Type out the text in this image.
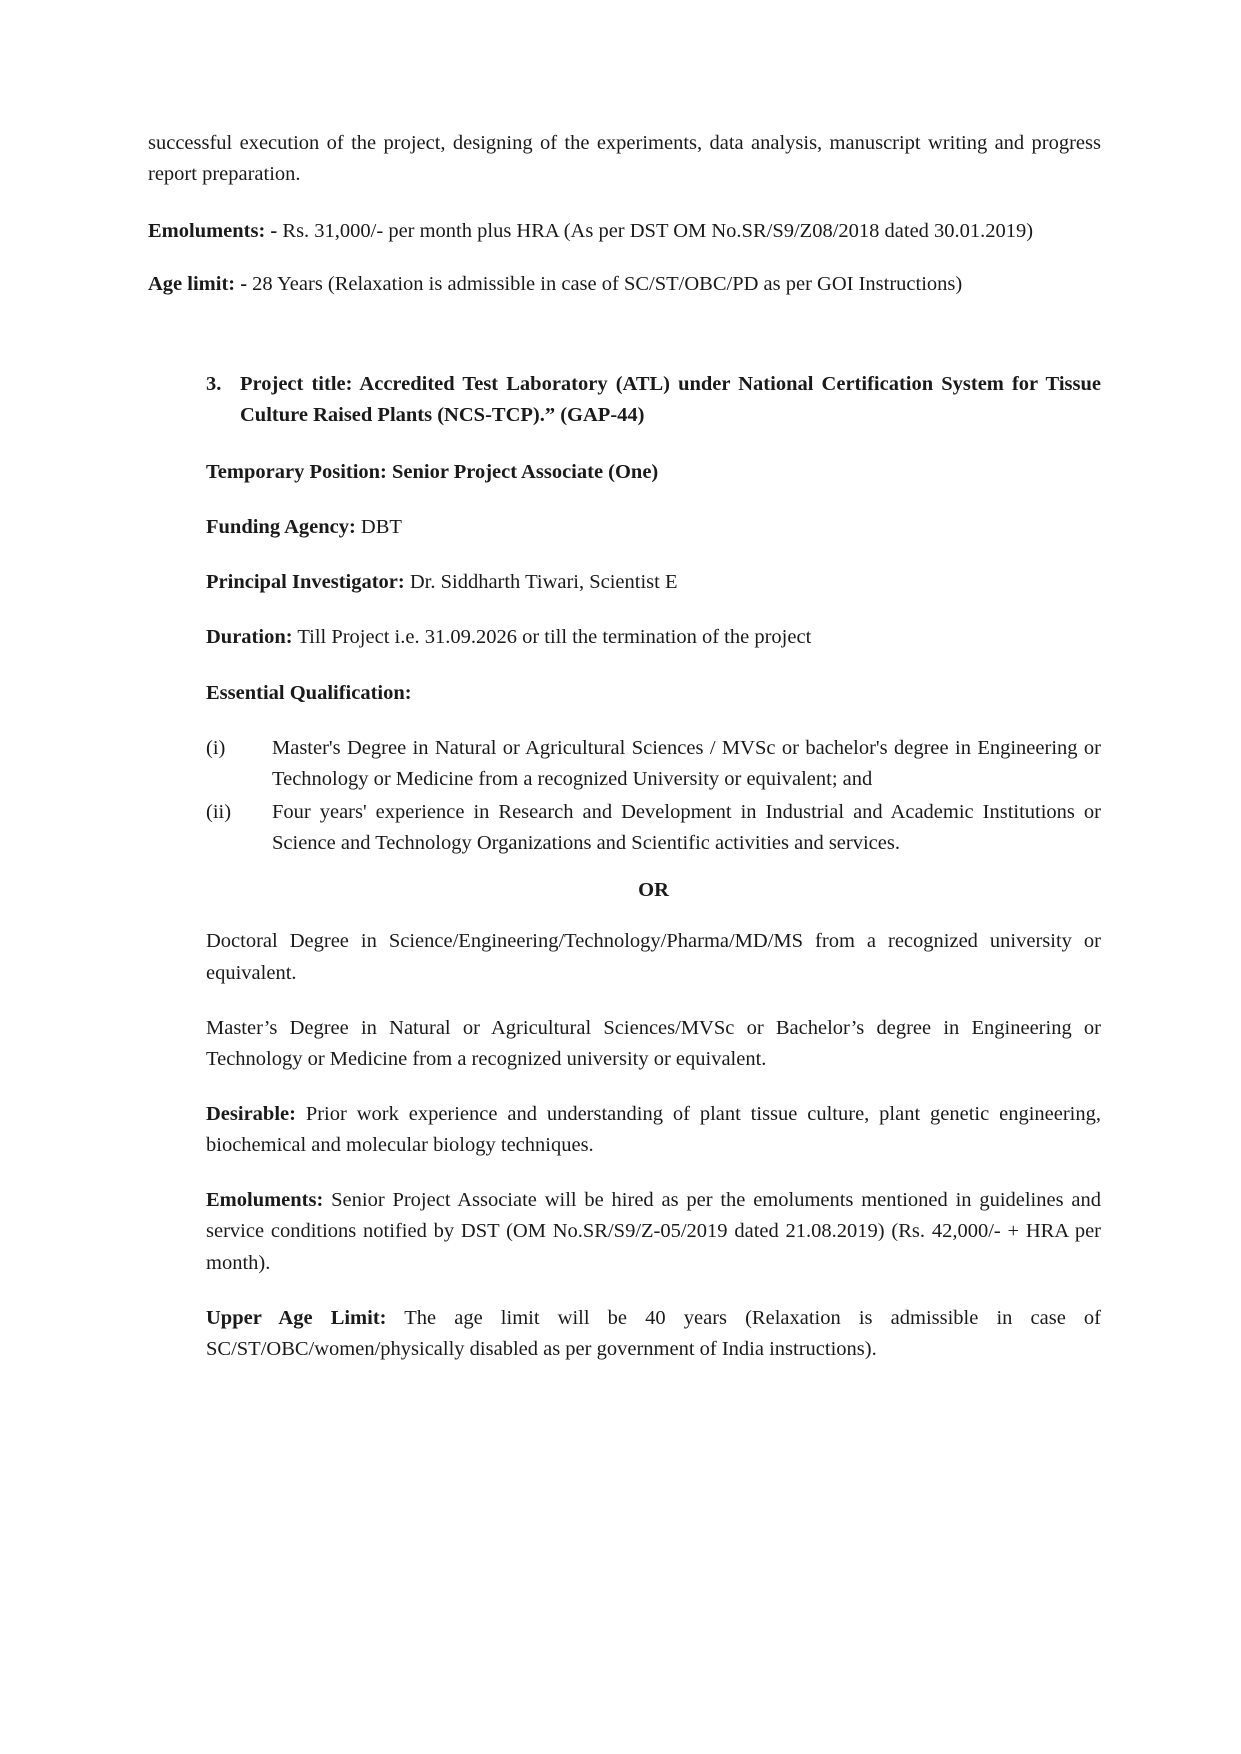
successful execution of the project, designing of the experiments, data analysis, manuscript writing and progress report preparation.

Emoluments: - Rs. 31,000/- per month plus HRA (As per DST OM No.SR/S9/Z08/2018 dated 30.01.2019)

Age limit: - 28 Years (Relaxation is admissible in case of SC/ST/OBC/PD as per GOI Instructions)

3. Project title: Accredited Test Laboratory (ATL) under National Certification System for Tissue Culture Raised Plants (NCS-TCP).” (GAP-44)

Temporary Position: Senior Project Associate (One)

Funding Agency: DBT

Principal Investigator: Dr. Siddharth Tiwari, Scientist E

Duration: Till Project i.e. 31.09.2026 or till the termination of the project

Essential Qualification:

(i)	Master's Degree in Natural or Agricultural Sciences / MVSc or bachelor's degree in Engineering or Technology or Medicine from a recognized University or equivalent; and
(ii)	Four years' experience in Research and Development in Industrial and Academic Institutions or Science and Technology Organizations and Scientific activities and services.
OR

Doctoral Degree in Science/Engineering/Technology/Pharma/MD/MS from a recognized university or equivalent.

Master’s Degree in Natural or Agricultural Sciences/MVSc or Bachelor’s degree in Engineering or Technology or Medicine from a recognized university or equivalent.

Desirable: Prior work experience and understanding of plant tissue culture, plant genetic engineering, biochemical and molecular biology techniques.

Emoluments: Senior Project Associate will be hired as per the emoluments mentioned in guidelines and service conditions notified by DST (OM No.SR/S9/Z-05/2019 dated 21.08.2019) (Rs. 42,000/- + HRA per month).

Upper Age Limit: The age limit will be 40 years (Relaxation is admissible in case of SC/ST/OBC/women/physically disabled as per government of India instructions).
